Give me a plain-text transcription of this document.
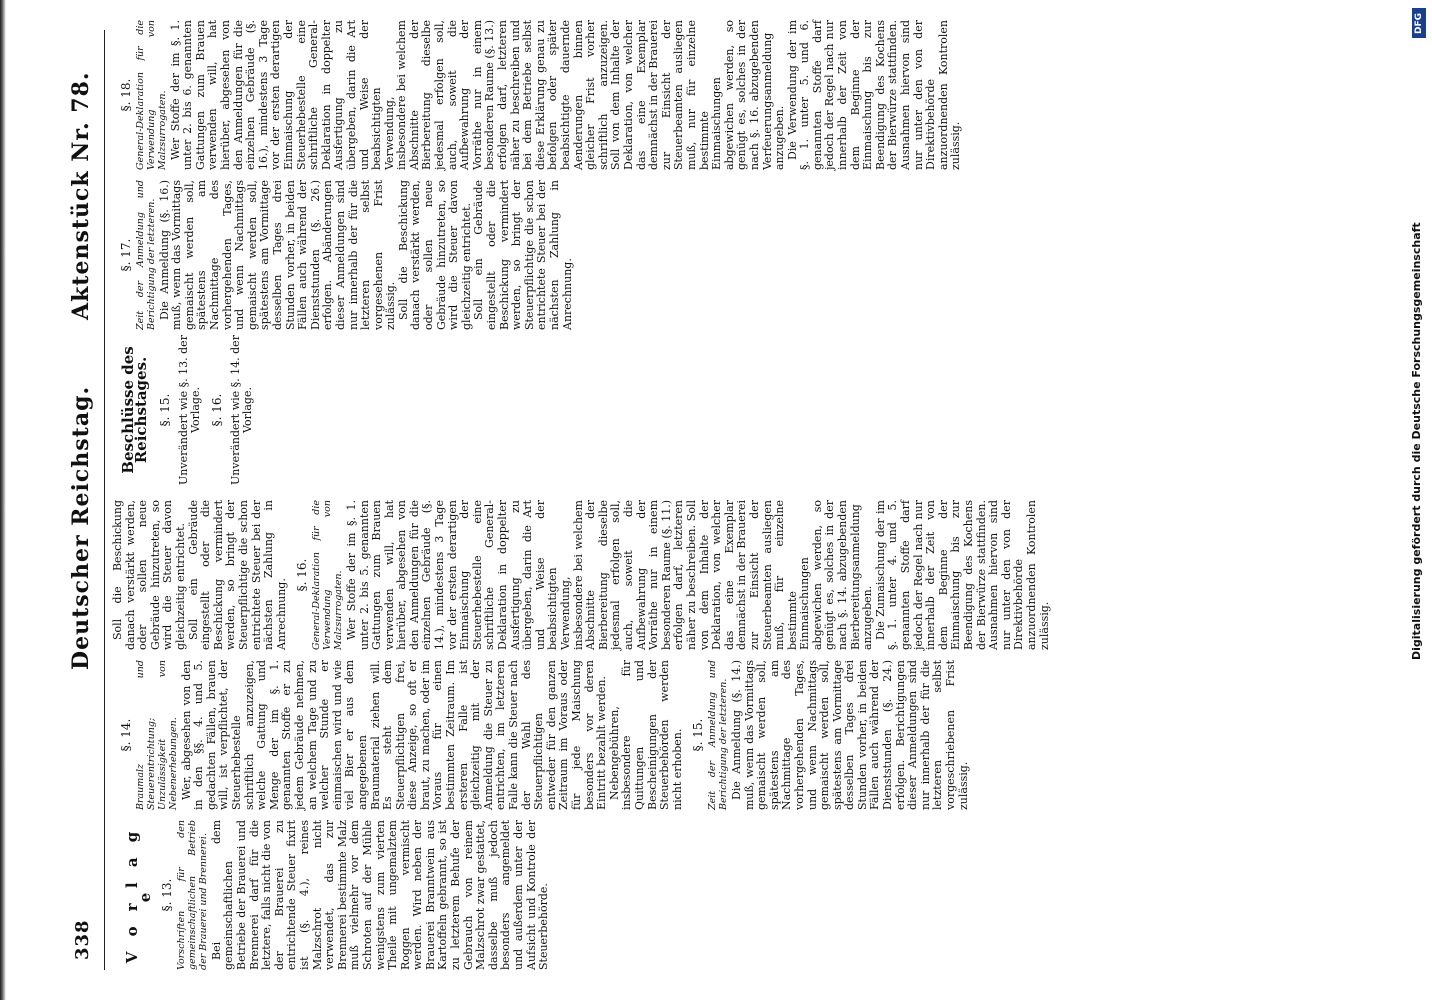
338
Deutscher Reichstag.
Aktenstück Nr. 78.
V o r l a g e §. 13. Vorschriften für den gemeinschaftlichen Betrieb der Brauerei und Brennerei. Bei dem gemeinschaftlichen Betriebe der Brauerei und Brennerei darf für die letztere, falls nicht die von der Brauerei zu entrichtende Steuer fixirt ist (§. 4.), reines Malzschrot nicht verwendet, das zur Brennerei bestimmte Malz muß vielmehr vor dem Schroten auf der Mühle wenigstens zum vierten Theile mit ungemalztem Roggen vermischt werden. Wird neben der Brauerei Branntwein aus Kartoffeln gebrannt, so ist zu letzterem Behufe der Gebrauch von reinem Malzschrot zwar gestattet, dasselbe muß jedoch besonders angemeldet und außerdem unter der Aufsicht und Kontrole der Steuerbehörde.

§. 14. Braumalz und Steuerentrichtung; Unzulässigkeit von Nebenerhebungen. Wer, abgesehen von den in den §§. 4. und 5. gedachten Fällen, brauen will, ist verpflichtet, der Steuerhebestelle schriftlich anzuzeigen, welche Gattung und Menge der im §. 1. genannten Stoffe er zu jedem Gebräude nehmen, an welchem Tage und zu welcher Stunde er einmaischen wird und wie viel Bier er aus dem angegebenen Braumaterial ziehen will. Es steht dem Steuerpflichtigen frei, diese Anzeige, so oft er braut, zu machen, oder im Voraus für einen bestimmten Zeitraum. Im ersteren Falle ist gleichzeitig mit der Anmeldung die Steuer zu entrichten, im letzteren Falle kann die Steuer nach der Wahl des Steuerpflichtigen entweder für den ganzen Zeitraum im Voraus oder für jede Maischung besonders vor deren Eintritt bezahlt werden. Nebengebühren, insbesondere für Quittungen und Bescheinigungen der Steuerbehörden werden nicht erhoben. §. 15. Zeit der Anmeldung und Berichtigung der letzteren. Die Anmeldung (§. 14.) muß, wenn das Vormittags gemaischt werden soll, spätestens am Nachmittage des vorhergehenden Tages, und wenn Nachmittags gemaischt werden soll, spätestens am Vormittage desselben Tages drei Stunden vorher, in beiden Fällen auch während der Dienststunden (§. 24.) erfolgen. Berichtigungen dieser Anmeldungen sind nur innerhalb der für die letzteren selbst vorgeschriebenen Frist zulässig.

Soll die Beschickung danach verstärkt werden, oder sollen neue Gebräude hinzutreten, so wird die Steuer davon gleichzeitig entrichtet. Soll ein Gebräude eingestellt oder die Beschickung vermindert werden, so bringt der Steuerpflichtige die schon entrichtete Steuer bei der nächsten Zahlung in Anrechnung.

§. 16. General-Deklaration für die Verwendung von Malzsurrogaten. Wer Stoffe der im §. 1. unter 2. bis 5. genannten Gattungen zum Brauen verwenden will, hat hierüber, abgesehen von den Anmeldungen für die einzelnen Gebräude (§. 14.), mindestens 3 Tage vor der ersten derartigen Einmaischung der Steuerhebestelle eine schriftliche General-Deklaration in doppelter Ausfertigung zu übergeben, darin die Art und Weise der beabsichtigten Verwendung, insbesondere bei welchem Abschnitte der Bierbereitung dieselbe jedesmal erfolgen soll, auch, soweit die Aufbewahrung der Vorräthe nur in einem besonderen Raume (§. 11.) erfolgen darf, letzteren näher zu beschreiben. Soll von dem Inhalte der Deklaration, von welcher das eine Exemplar demnächst in der Brauerei zur Einsicht der Steuerbeamten ausliegen muß, für einzelne bestimmte Einmaischungen abgewichen werden, so genügt es, solches in der nach §. 14. abzugebenden Bierbereitungsanmeldung anzugeben. Die Zumaischung der im §. 1. unter 4. und 5. genannten Stoffe darf jedoch der Regel nach nur innerhalb der Zeit von dem Beginne der Einmaischung bis zur Beendigung des Kochens der Bierwürze stattfinden. Ausnahmen hiervon sind nur unter den von der Direktivbehörde anzuordnenden Kontrolen zulässig.

Beschlüsse des Reichstages. §. 15. Unverändert wie §. 13. der Vorlage. §. 16. Unverändert wie §. 14. der Vorlage.

§. 17. Zeit der Anmeldung und Berichtigung der letzteren. Die Anmeldung (§. 16.) muß, wenn das Vormittags gemaischt werden soll, spätestens am Nachmittage des vorhergehenden Tages, und wenn Nachmittags gemaischt werden soll, spätestens am Vormittage desselben Tages drei Stunden vorher, in beiden Fällen auch während der Dienststunden (§. 26.) erfolgen. Abänderungen dieser Anmeldungen sind nur innerhalb der für die letzteren selbst vorgesehenen Frist zulässig. Soll die Beschickung danach verstärkt werden, oder sollen neue Gebräude hinzutreten, so wird die Steuer davon gleichzeitig entrichtet. Soll ein Gebräude eingestellt oder die Beschickung vermindert werden, so bringt der Steuerpflichtige die schon entrichtete Steuer bei der nächsten Zahlung in Anrechnung.

§. 18. General-Deklaration für die Verwendung von Malzsurrogaten. Wer Stoffe der im §. 1. unter 2. bis 6. genannten Gattungen zum Brauen verwenden will, hat hierüber, abgesehen von den Anmeldungen für die einzelnen Gebräude (§. 16.), mindestens 3 Tage vor der ersten derartigen Einmaischung der Steuerhebestelle eine schriftliche General-Deklaration in doppelter Ausfertigung zu übergeben, darin die Art und Weise der beabsichtigten Verwendung, insbesondere bei welchem Abschnitte der Bierbereitung dieselbe jedesmal erfolgen soll, auch, soweit die Aufbewahrung der Vorräthe nur in einem besonderen Raume (§. 13.) erfolgen darf, letzteren näher zu beschreiben und bei dem Betriebe selbst diese Erklärung genau zu befolgen oder später beabsichtigte dauernde Aenderungen binnen gleicher Frist vorher schriftlich anzuzeigen. Soll von dem Inhalte der Deklaration, von welcher das eine Exemplar demnächst in der Brauerei zur Einsicht der Steuerbeamten ausliegen muß, nur für einzelne bestimmte Einmaischungen abgewichen werden, so genügt es, solches in der nach §. 16. abzugebenden Verfeuerungsanmeldung anzugeben. Die Verwendung der im §. 1. unter 5. und 6. genannten Stoffe darf jedoch der Regel nach nur innerhalb der Zeit von dem Beginne der Einmaischung bis zur Beendigung des Kochens der Bierwürze stattfinden. Ausnahmen hiervon sind nur unter den von der Direktivbehörde anzuordnenden Kontrolen zulässig.

DFG
Digitalisierung gefördert durch die Deutsche Forschungsgemeinschaft
